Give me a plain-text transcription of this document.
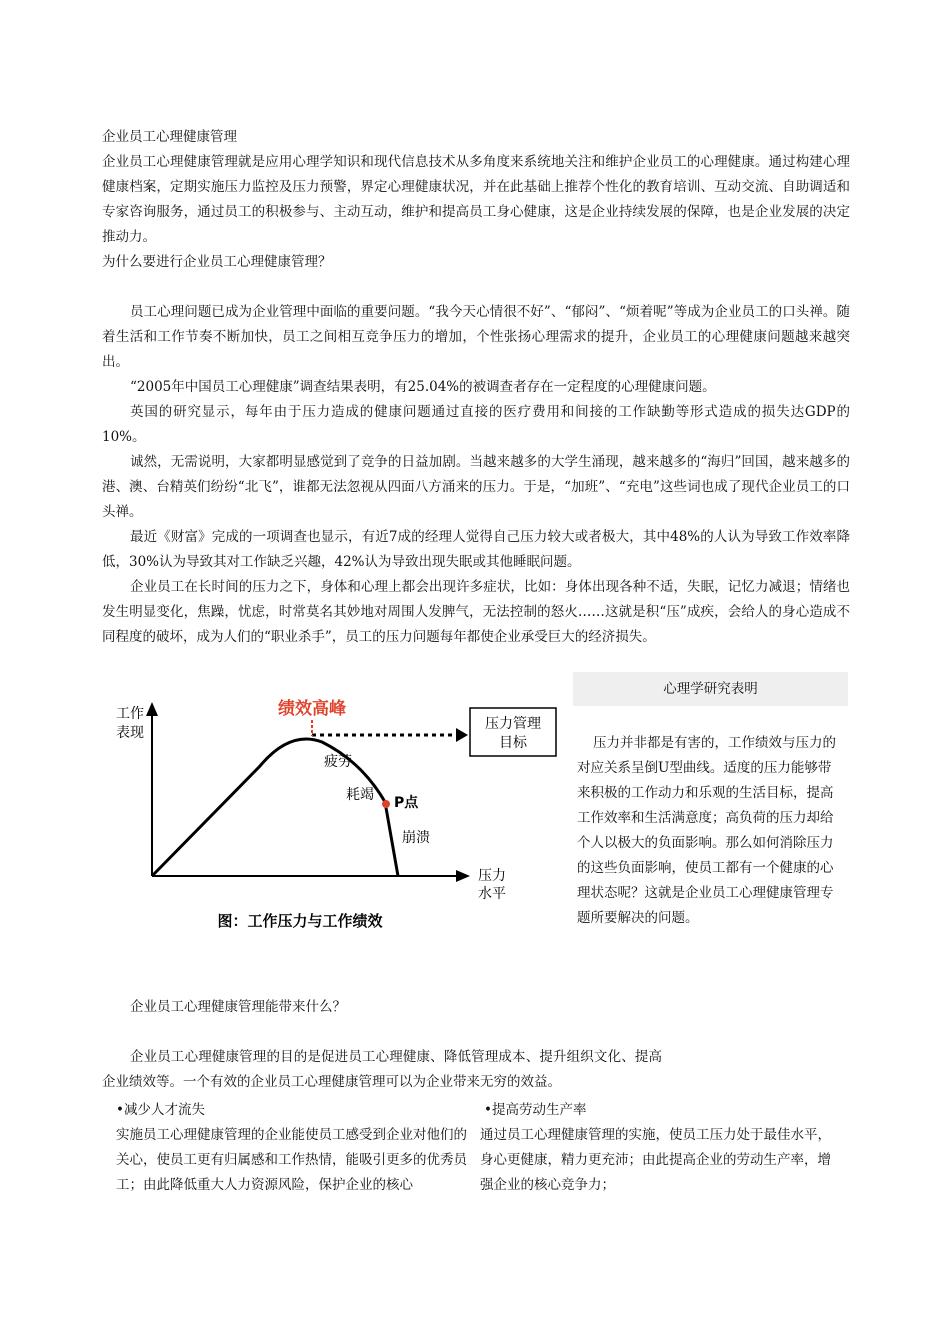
企业员工心理健康管理

企业员工心理健康管理就是应用心理学知识和现代信息技术从多角度来系统地关注和维护企业员工的心理健康。通过构建心理健康档案，定期实施压力监控及压力预警，界定心理健康状况，并在此基础上推荐个性化的教育培训、互动交流、自助调适和专家咨询服务，通过员工的积极参与、主动互动，维护和提高员工身心健康，这是企业持续发展的保障，也是企业发展的决定推动力。

为什么要进行企业员工心理健康管理？

员工心理问题已成为企业管理中面临的重要问题。“我今天心情很不好”、“郁闷”、“烦着呢”等成为企业员工的口头禅。随着生活和工作节奏不断加快，员工之间相互竞争压力的增加，个性张扬心理需求的提升，企业员工的心理健康问题越来越突出。

“2005年中国员工心理健康”调查结果表明，有25.04%的被调查者存在一定程度的心理健康问题。

英国的研究显示，每年由于压力造成的健康问题通过直接的医疗费用和间接的工作缺勤等形式造成的损失达GDP的10%。

诚然，无需说明，大家都明显感觉到了竞争的日益加剧。当越来越多的大学生涌现，越来越多的“海归”回国，越来越多的港、澳、台精英们纷纷“北飞”，谁都无法忽视从四面八方涌来的压力。于是，“加班”、“充电”这些词也成了现代企业员工的口头禅。

最近《财富》完成的一项调查也显示，有近7成的经理人觉得自己压力较大或者极大，其中48%的人认为导致工作效率降低，30%认为导致其对工作缺乏兴趣，42%认为导致出现失眠或其他睡眠问题。

企业员工在长时间的压力之下，身体和心理上都会出现许多症状，比如：身体出现各种不适，失眠，记忆力减退；情绪也发生明显变化，焦躁，忧虑，时常莫名其妙地对周围人发脾气，无法控制的怒火……这就是积“压”成疾，会给人的身心造成不同程度的破坏，成为人们的“职业杀手”，员工的压力问题每年都使企业承受巨大的经济损失。

压力管理
目标
绩效高峰
工作
表现
压力
水平
疲劳
耗竭
崩溃
P点
图：工作压力与工作绩效
心理学研究表明

压力并非都是有害的，工作绩效与压力的对应关系呈倒U型曲线。适度的压力能够带来积极的工作动力和乐观的生活目标，提高工作效率和生活满意度；高负荷的压力却给个人以极大的负面影响。那么如何消除压力的这些负面影响，使员工都有一个健康的心理状态呢？这就是企业员工心理健康管理专题所要解决的问题。

企业员工心理健康管理能带来什么？

企业员工心理健康管理的目的是促进员工心理健康、降低管理成本、提升组织文化、提高企业绩效等。一个有效的企业员工心理健康管理可以为企业带来无穷的效益。

•减少人才流失

实施员工心理健康管理的企业能使员工感受到企业对他们的关心，使员工更有归属感和工作热情，能吸引更多的优秀员工；由此降低重大人力资源风险，保护企业的核心

•提高劳动生产率

通过员工心理健康管理的实施，使员工压力处于最佳水平，身心更健康，精力更充沛；由此提高企业的劳动生产率，增强企业的核心竞争力；
